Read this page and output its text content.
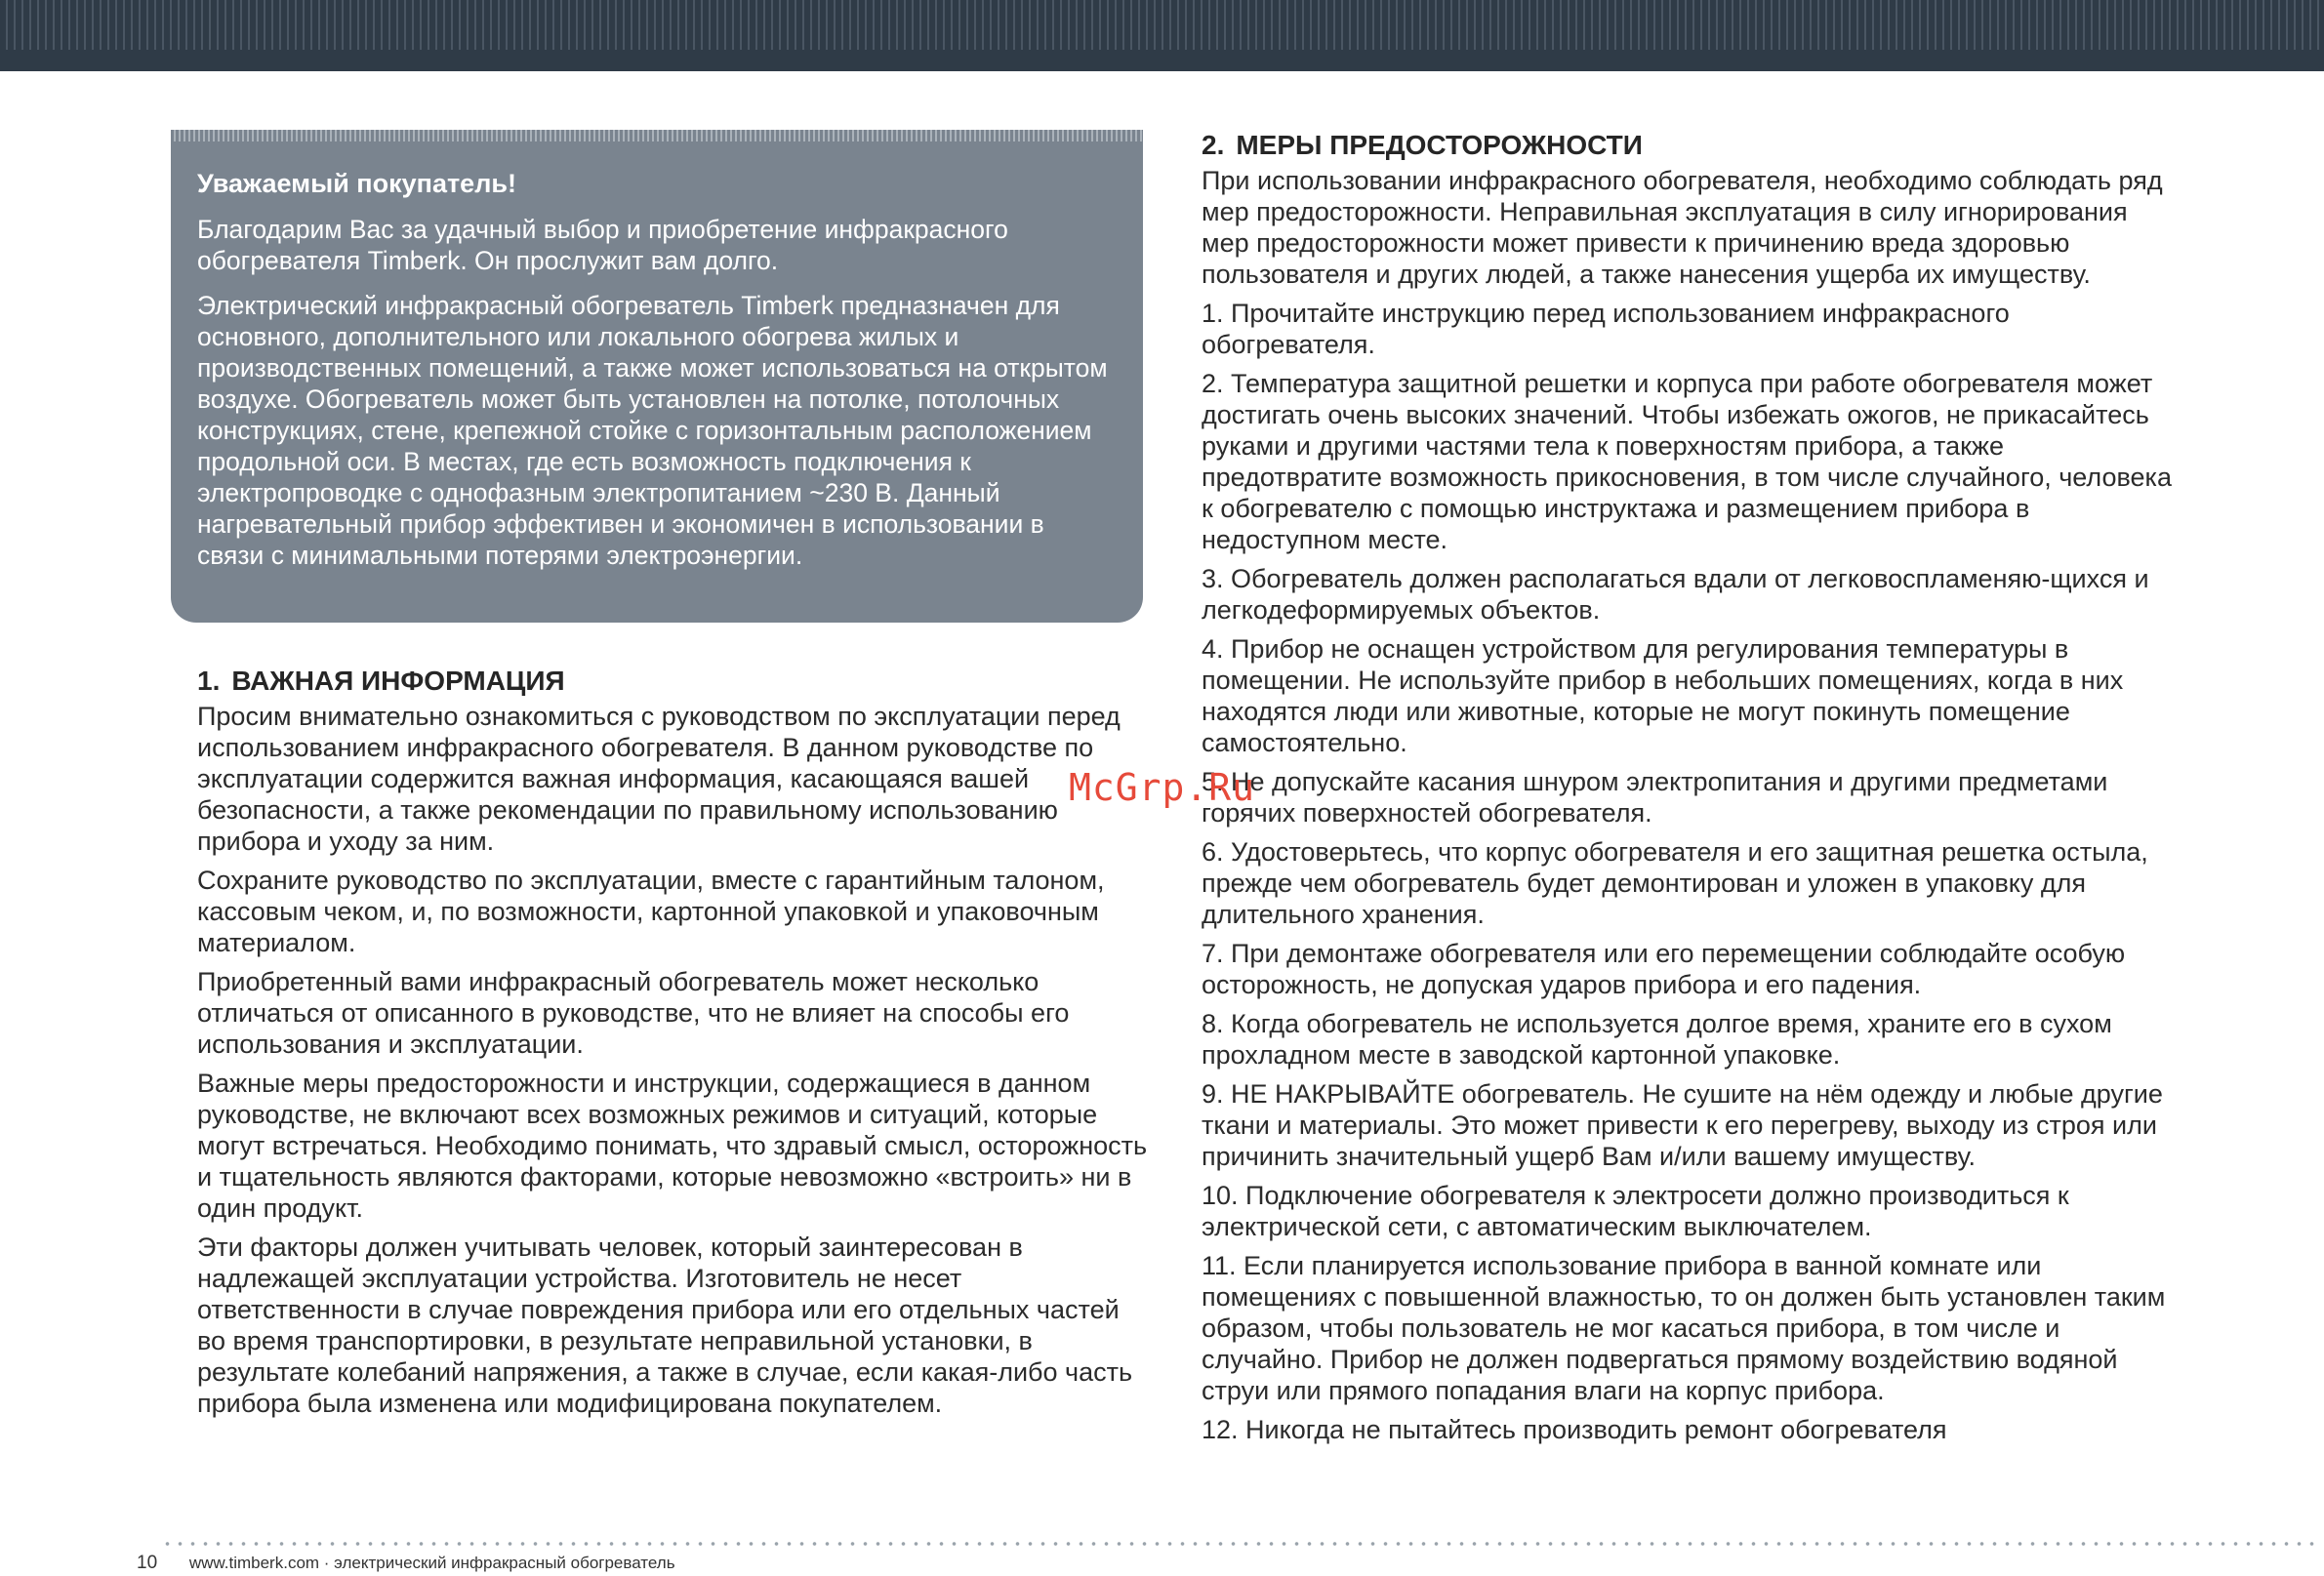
Уважаемый покупатель!

Благодарим Вас за удачный выбор и приобретение инфракрасного обогревателя Timberk. Он прослужит вам долго.

Электрический инфракрасный обогреватель Timberk предназначен для основного, дополнительного или локального обогрева жилых и производственных помещений, а также может использоваться на открытом воздухе. Обогреватель может быть установлен на потолке, потолочных конструкциях, стене, крепежной стойке с горизонтальным расположением продольной оси. В местах, где есть возможность подключения к электропроводке с однофазным электропитанием ~230 В. Данный нагревательный прибор эффективен и экономичен в использовании в связи с минимальными потерями электроэнергии.

1. ВАЖНАЯ ИНФОРМАЦИЯ

Просим внимательно ознакомиться с руководством по эксплуатации перед использованием инфракрасного обогревателя. В данном руководстве по эксплуатации содержится важная информация, касающаяся вашей безопасности, а также рекомендации по правильному использованию прибора и уходу за ним.

Сохраните руководство по эксплуатации, вместе с гарантийным талоном, кассовым чеком, и, по возможности, картонной упаковкой и упаковочным материалом.

Приобретенный вами инфракрасный обогреватель может несколько отличаться от описанного в руководстве, что не влияет на способы его использования и эксплуатации.

Важные меры предосторожности и инструкции, содержащиеся в данном руководстве, не включают всех возможных режимов и ситуаций, которые могут встречаться. Необходимо понимать, что здравый смысл, осторожность и тщательность являются факторами, которые невозможно «встроить» ни в один продукт.

Эти факторы должен учитывать человек, который заинтересован в надлежащей эксплуатации устройства. Изготовитель не несет ответственности в случае повреждения прибора или его отдельных частей во время транспортировки, в результате неправильной установки, в результате колебаний напряжения, а также в случае, если какая-либо часть прибора была изменена или модифицирована покупателем.

2. МЕРЫ ПРЕДОСТОРОЖНОСТИ

При использовании инфракрасного обогревателя, необходимо соблюдать ряд мер предосторожности. Неправильная эксплуатация в силу игнорирования мер предосторожности может привести к причинению вреда здоровью пользователя и других людей, а также нанесения ущерба их имуществу.

1. Прочитайте инструкцию перед использованием инфракрасного обогревателя.

2. Температура защитной решетки и корпуса при работе обогревателя может достигать очень высоких значений. Чтобы избежать ожогов, не прикасайтесь руками и другими частями тела к поверхностям прибора, а также предотвратите возможность прикосновения, в том числе случайного, человека к обогревателю с помощью инструктажа и размещением прибора в недоступном месте.

3. Обогреватель должен располагаться вдали от легковоспламеняю-щихся и легкодеформируемых объектов.

4. Прибор не оснащен устройством для регулирования температуры в помещении. Не используйте прибор в небольших помещениях, когда в них находятся люди или животные, которые не могут покинуть помещение самостоятельно.

5. Не допускайте касания шнуром электропитания и другими предметами горячих поверхностей обогревателя.

6. Удостоверьтесь, что корпус обогревателя и его защитная решетка остыла, прежде чем обогреватель будет демонтирован и уложен в упаковку для длительного хранения.

7. При демонтаже обогревателя или его перемещении соблюдайте особую осторожность, не допуская ударов прибора и его падения.

8. Когда обогреватель не используется долгое время, храните его в сухом прохладном месте в заводской картонной упаковке.

9. НЕ НАКРЫВАЙТЕ обогреватель. Не сушите на нём одежду и любые другие ткани и материалы. Это может привести к его перегреву, выходу из строя или причинить значительный ущерб Вам и/или вашему имуществу.

10. Подключение обогревателя к электросети должно производиться к электрической сети, с автоматическим выключателем.

11. Если планируется использование прибора в ванной комнате или помещениях с повышенной влажностью, то он должен быть установлен таким образом, чтобы пользователь не мог касаться прибора, в том числе и случайно. Прибор не должен подвергаться прямому воздействию водяной струи или прямого попадания влаги на корпус прибора.

12. Никогда не пытайтесь производить ремонт обогревателя

McGrp.Ru
10 www.timberk.com · электрический инфракрасный обогреватель
